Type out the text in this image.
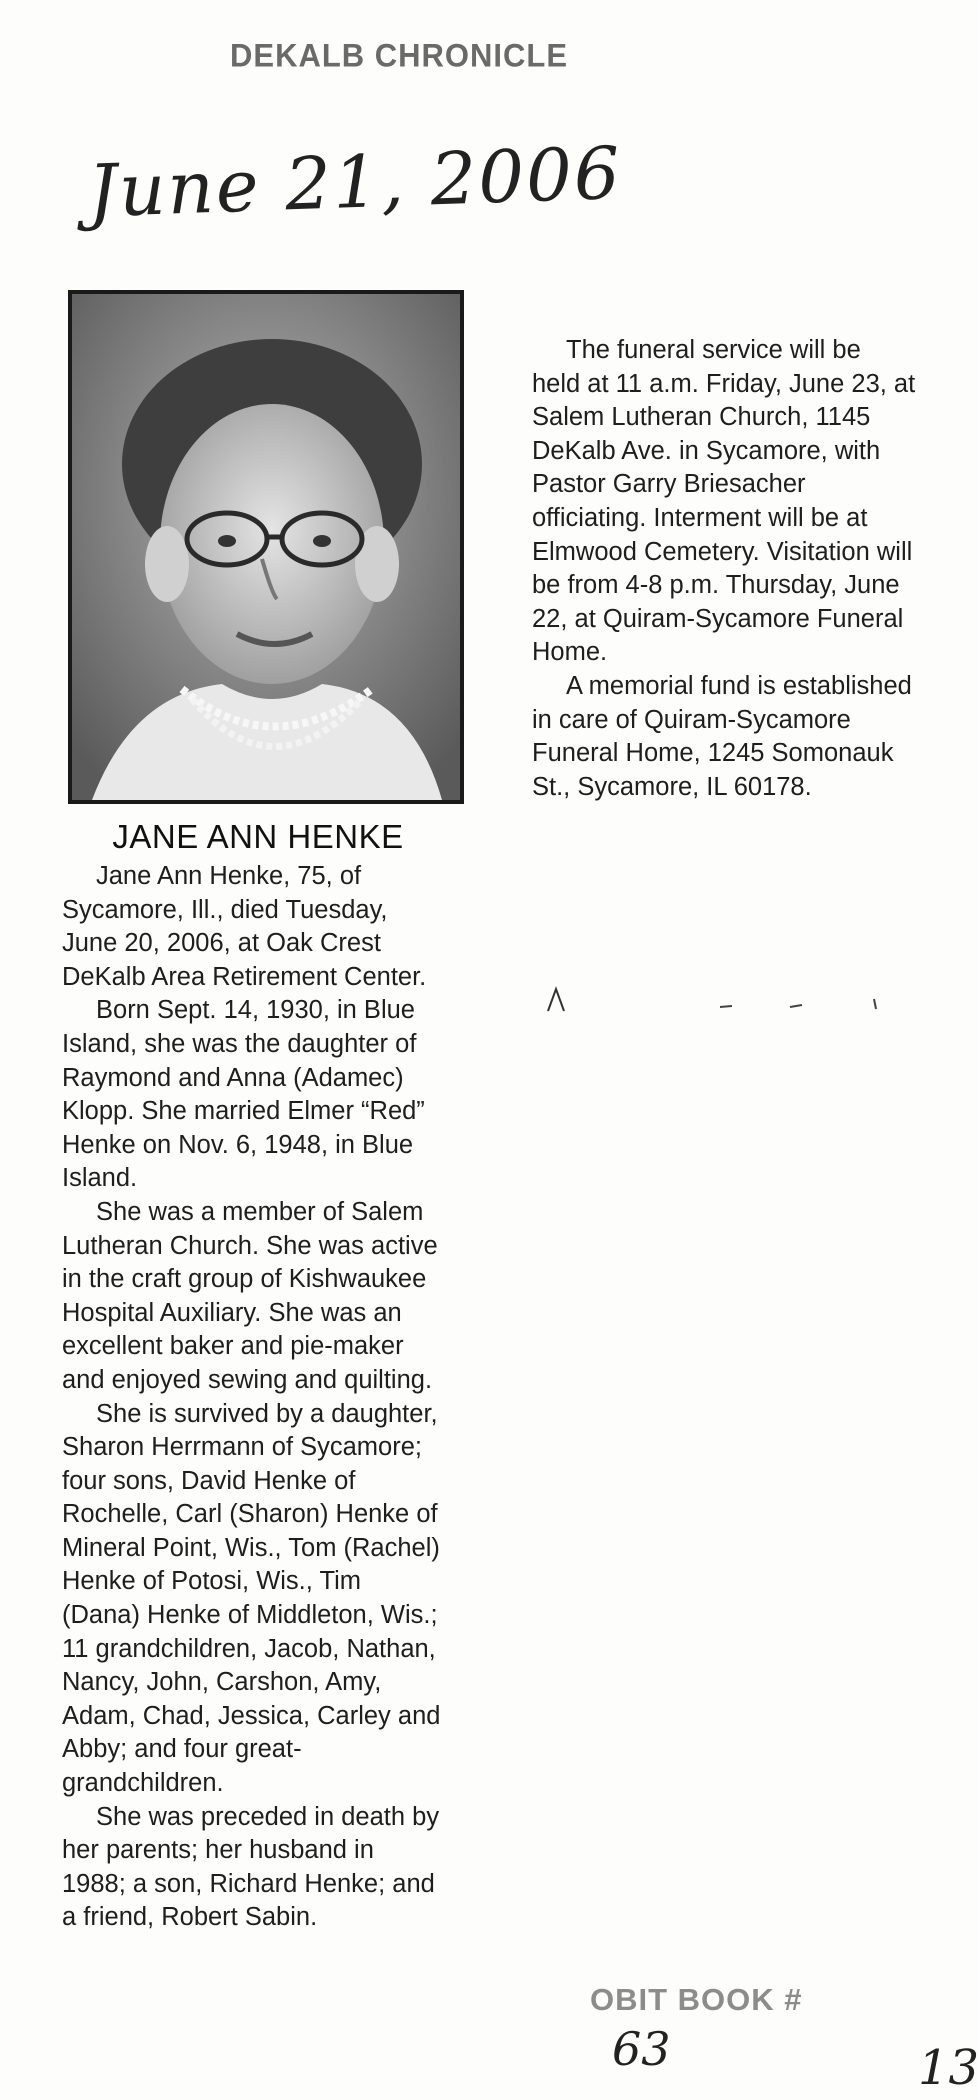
DEKALB CHRONICLE
June 21, 2006
JANE ANN HENKE

Jane Ann Henke, 75, of Sycamore, Ill., died Tuesday, June 20, 2006, at Oak Crest DeKalb Area Retirement Center.

Born Sept. 14, 1930, in Blue Island, she was the daughter of Raymond and Anna (Adamec) Klopp. She married Elmer “Red” Henke on Nov. 6, 1948, in Blue Island.

She was a member of Salem Lutheran Church. She was active in the craft group of Kishwaukee Hospital Auxiliary. She was an excellent baker and pie-maker and enjoyed sewing and quilting.

She is survived by a daughter, Sharon Herrmann of Sycamore; four sons, David Henke of Rochelle, Carl (Sharon) Henke of Mineral Point, Wis., Tom (Rachel) Henke of Potosi, Wis., Tim (Dana) Henke of Middleton, Wis.; 11 grandchildren, Jacob, Nathan, Nancy, John, Carshon, Amy, Adam, Chad, Jessica, Carley and Abby; and four great-grandchildren.

She was preceded in death by her parents; her husband in 1988; a son, Richard Henke; and a friend, Robert Sabin.

The funeral service will be held at 11 a.m. Friday, June 23, at Salem Lutheran Church, 1145 DeKalb Ave. in Sycamore, with Pastor Garry Briesacher officiating. Interment will be at Elmwood Cemetery. Visitation will be from 4-8 p.m. Thursday, June 22, at Quiram-Sycamore Funeral Home.

A memorial fund is established in care of Quiram-Sycamore Funeral Home, 1245 Somonauk St., Sycamore, IL 60178.

OBIT BOOK #
63	13
